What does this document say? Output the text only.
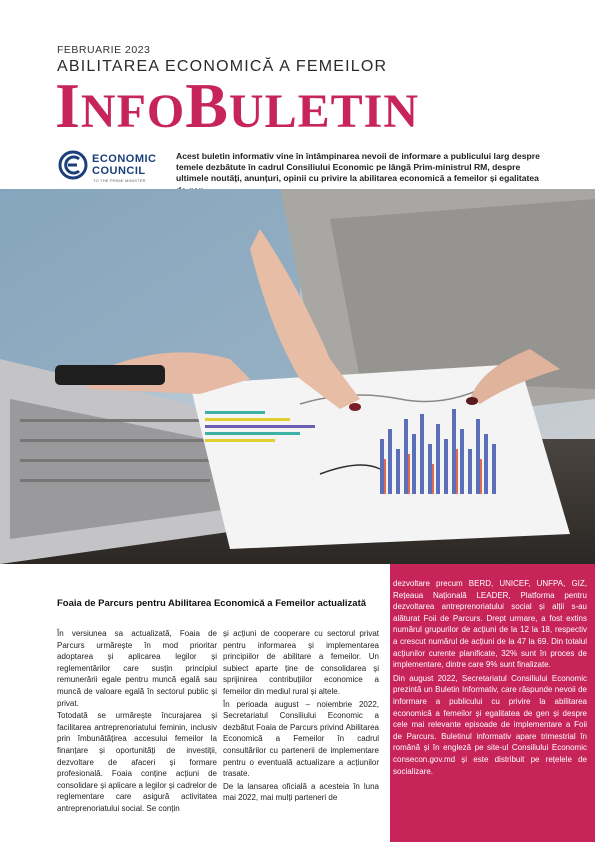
FEBRUARIE 2023
ABILITAREA ECONOMICĂ A FEMEILOR
INFOBULETIN
ECONOMIC
COUNCIL
TO THE PRIME MINISTER
Acest buletin informativ vine în întâmpinarea nevoii de informare a publicului larg despre temele dezbătute în cadrul Consiliului Economic pe lângă Prim-ministrul RM, despre ultimele noutăți, anunțuri, opinii cu privire la abilitarea economică a femeilor și egalitatea
Foaia de Parcurs pentru Abilitarea Economică a Femeilor actualizată

În versiunea sa actualizată, Foaia de Parcurs urmărește în mod prioritar adoptarea și aplicarea legilor și reglementărilor care susțin principiul remunerării egale pentru muncă egală sau muncă de valoare egală în sectorul public și privat.

Totodată se urmărește încurajarea și facilitarea antreprenoriatului feminin, inclusiv prin îmbunătățirea accesului femeilor la finanțare și oportunități de investiții, dezvoltare de afaceri și formare profesională. Foaia conține acțiuni de consolidare și aplicare a legilor și cadrelor de reglementare care asigură activitatea antreprenoriatului social. Se conțin

și acțiuni de cooperare cu sectorul privat pentru informarea și implementarea principiilor de abilitare a femeilor. Un subiect aparte ține de consolidarea și sprijinirea contribuțiilor economice a femeilor din mediul rural și altele.

În perioada august – noiembrie 2022, Secretariatul Consiliului Economic a dezbătut Foaia de Parcurs privind Abilitarea Economică a Femeilor în cadrul consultărilor cu partenerii de implementare pentru o eventuală actualizare a acțiunilor trasate.

De la lansarea oficială a acesteia în luna mai 2022, mai mulți parteneri de

dezvoltare precum BERD, UNICEF, UNFPA, GIZ, Rețeaua Națională LEADER, Platforma pentru dezvoltarea antreprenoriatului social și alții s-au alăturat Foii de Parcurs. Drept urmare, a fost extins numărul grupurilor de acțiuni de la 12 la 18, respectiv a crescut numărul de acțiuni de la 47 la 69. Din totalul acțiunilor curente planificate, 32% sunt în proces de implementare, dintre care 9% sunt finalizate.

Din august 2022, Secretariatul Consiliului Economic prezintă un Buletin Informativ, care răspunde nevoii de informare a publicului cu privire la abilitarea economică a femeilor și egalitatea de gen și despre cele mai relevante episoade de implementare a Foii de Parcurs. Buletinul informativ apare trimestrial în română și în engleză pe site-ul Consiliului Economic consecon.gov.md și este distribuit pe rețelele de socializare.
